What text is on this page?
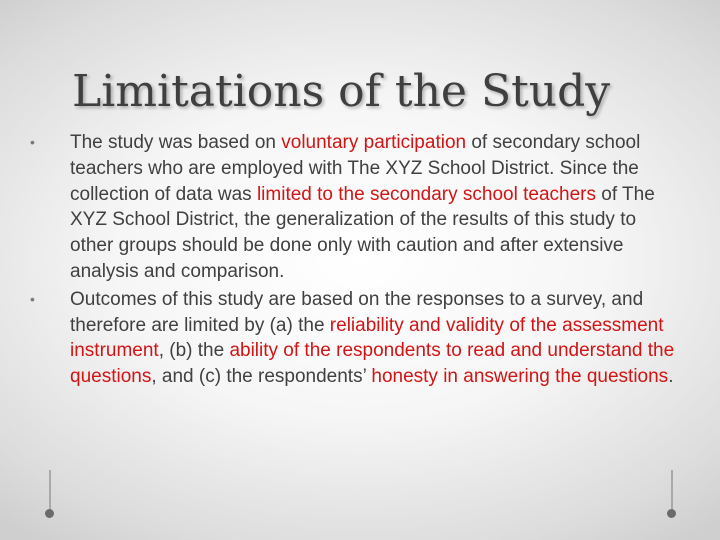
Limitations of the Study
•	The study was based on voluntary participation of secondary school teachers who are employed with The XYZ School District. Since the collection of data was limited to the secondary school teachers of The XYZ School District, the generalization of the results of this study to other groups should be done only with caution and after extensive analysis and comparison.
•	Outcomes of this study are based on the responses to a survey, and therefore are limited by (a) the reliability and validity of the assessment instrument, (b) the ability of the respondents to read and understand the questions, and (c) the respondents’ honesty in answering the questions.
